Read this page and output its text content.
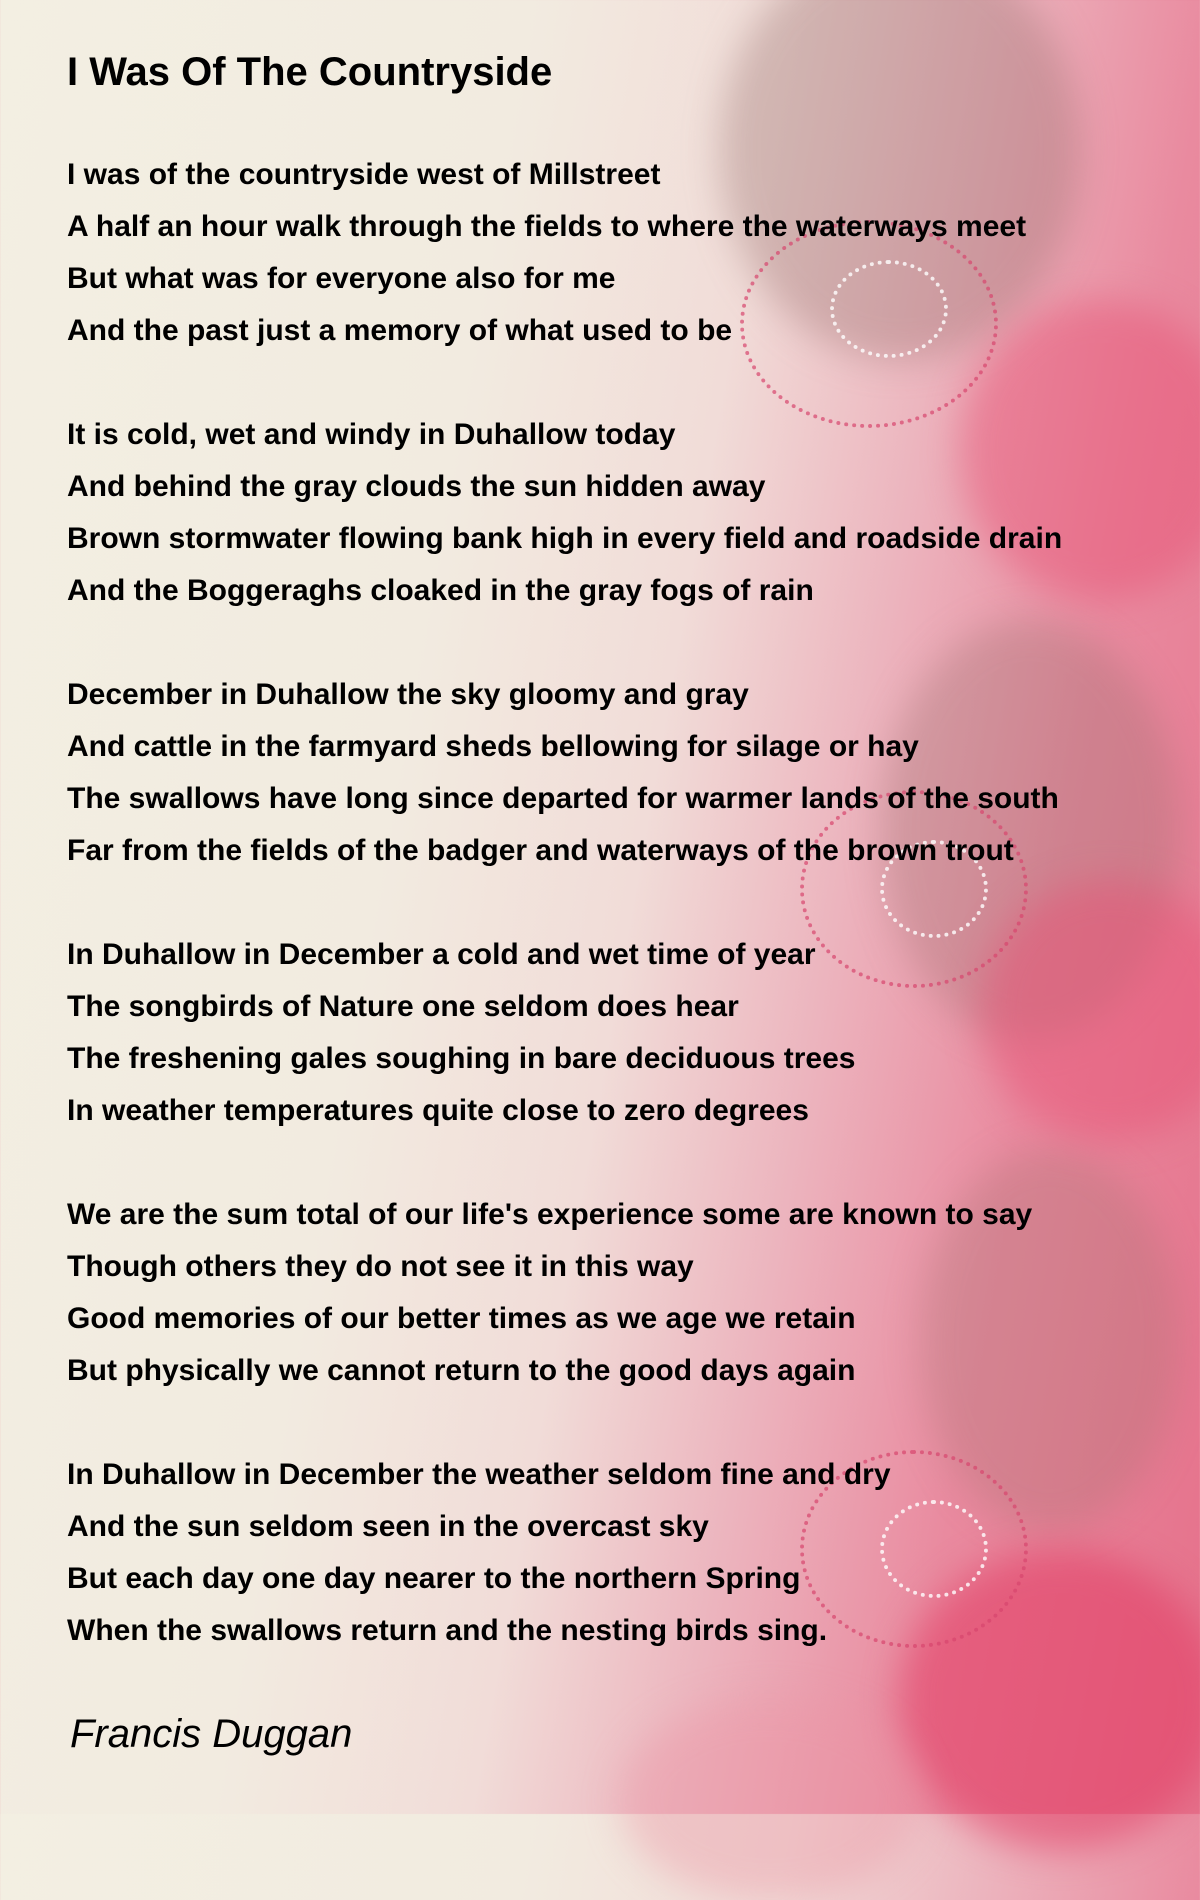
I Was Of The Countryside
I was of the countryside west of Millstreet
A half an hour walk through the fields to where the waterways meet
But what was for everyone also for me
And the past just a memory of what used to be
It is cold, wet and windy in Duhallow today
And behind the gray clouds the sun hidden away
Brown stormwater flowing bank high in every field and roadside drain
And the Boggeraghs cloaked in the gray fogs of rain
December in Duhallow the sky gloomy and gray
And cattle in the farmyard sheds bellowing for silage or hay
The swallows have long since departed for warmer lands of the south
Far from the fields of the badger and waterways of the brown trout
In Duhallow in December a cold and wet time of year
The songbirds of Nature one seldom does hear
The freshening gales soughing in bare deciduous trees
In weather temperatures quite close to zero degrees
We are the sum total of our life's experience some are known to say
Though others they do not see it in this way
Good memories of our better times as we age we retain
But physically we cannot return to the good days again
In Duhallow in December the weather seldom fine and dry
And the sun seldom seen in the overcast sky
But each day one day nearer to the northern Spring
When the swallows return and the nesting birds sing.
Francis Duggan
